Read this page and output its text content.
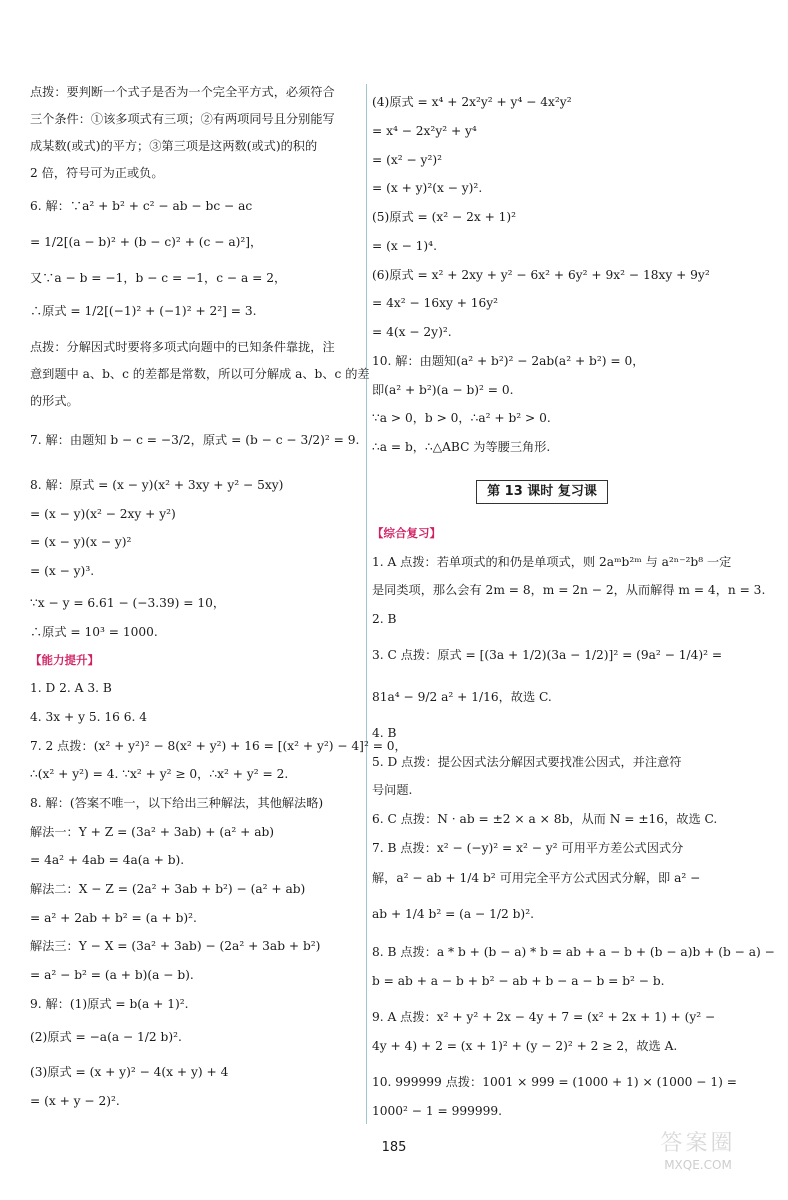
点拨：要判断一个式子是否为一个完全平方式，必须符合
三个条件：①该多项式有三项；②有两项同号且分别能写
成某数(或式)的平方；③第三项是这两数(或式)的积的
2 倍，符号可为正或负。
6. 解：∵a² + b² + c² − ab − bc − ac
= 1/2[(a − b)² + (b − c)² + (c − a)²]，
又∵a − b = −1，b − c = −1，c − a = 2，
∴原式 = 1/2[(−1)² + (−1)² + 2²] = 3.
点拨：分解因式时要将多项式向题中的已知条件靠拢，注
意到题中 a、b、c 的差都是常数，所以可分解成 a、b、c 的差
的形式。
7. 解：由题知 b − c = −3/2，原式 = (b − c − 3/2)² = 9.
8. 解：原式 = (x − y)(x² + 3xy + y² − 5xy)
= (x − y)(x² − 2xy + y²)
= (x − y)(x − y)²
= (x − y)³.
∵x − y = 6.61 − (−3.39) = 10，
∴原式 = 10³ = 1000.
【能力提升】
1. D 2. A 3. B
4. 3x + y 5. 16 6. 4
7. 2 点拨：(x² + y²)² − 8(x² + y²) + 16 = [(x² + y²) − 4]² = 0，
∴(x² + y²) = 4. ∵x² + y² ≥ 0，∴x² + y² = 2.
8. 解：(答案不唯一，以下给出三种解法，其他解法略)
解法一：Y + Z = (3a² + 3ab) + (a² + ab)
= 4a² + 4ab = 4a(a + b).
解法二：X − Z = (2a² + 3ab + b²) − (a² + ab)
= a² + 2ab + b² = (a + b)².
解法三：Y − X = (3a² + 3ab) − (2a² + 3ab + b²)
= a² − b² = (a + b)(a − b).
9. 解：(1)原式 = b(a + 1)².
(2)原式 = −a(a − 1/2 b)².
(3)原式 = (x + y)² − 4(x + y) + 4
= (x + y − 2)².
(4)原式 = x⁴ + 2x²y² + y⁴ − 4x²y²
= x⁴ − 2x²y² + y⁴
= (x² − y²)²
= (x + y)²(x − y)².
(5)原式 = (x² − 2x + 1)²
= (x − 1)⁴.
(6)原式 = x² + 2xy + y² − 6x² + 6y² + 9x² − 18xy + 9y²
= 4x² − 16xy + 16y²
= 4(x − 2y)².
10. 解：由题知(a² + b²)² − 2ab(a² + b²) = 0，
即(a² + b²)(a − b)² = 0.
∵a > 0，b > 0，∴a² + b² > 0.
∴a = b，∴△ABC 为等腰三角形.
第 13 课时 复习课
【综合复习】
1. A 点拨：若单项式的和仍是单项式，则 2aᵐb²ᵐ 与 a²ⁿ⁻²b⁸ 一定
是同类项，那么会有 2m = 8，m = 2n − 2，从而解得 m = 4，n = 3.
2. B
3. C 点拨：原式 = [(3a + 1/2)(3a − 1/2)]² = (9a² − 1/4)² =
81a⁴ − 9/2 a² + 1/16，故选 C.
4. B
5. D 点拨：提公因式法分解因式要找准公因式，并注意符
号问题.
6. C 点拨：N · ab = ±2 × a × 8b，从而 N = ±16，故选 C.
7. B 点拨：x² − (−y)² = x² − y² 可用平方差公式因式分
解，a² − ab + 1/4 b² 可用完全平方公式因式分解，即 a² −
ab + 1/4 b² = (a − 1/2 b)².
8. B 点拨：a * b + (b − a) * b = ab + a − b + (b − a)b + (b − a) −
b = ab + a − b + b² − ab + b − a − b = b² − b.
9. A 点拨：x² + y² + 2x − 4y + 7 = (x² + 2x + 1) + (y² −
4y + 4) + 2 = (x + 1)² + (y − 2)² + 2 ≥ 2，故选 A.
10. 999999 点拨：1001 × 999 = (1000 + 1) × (1000 − 1) =
1000² − 1 = 999999.
185	答案圈
MXQE.COM
